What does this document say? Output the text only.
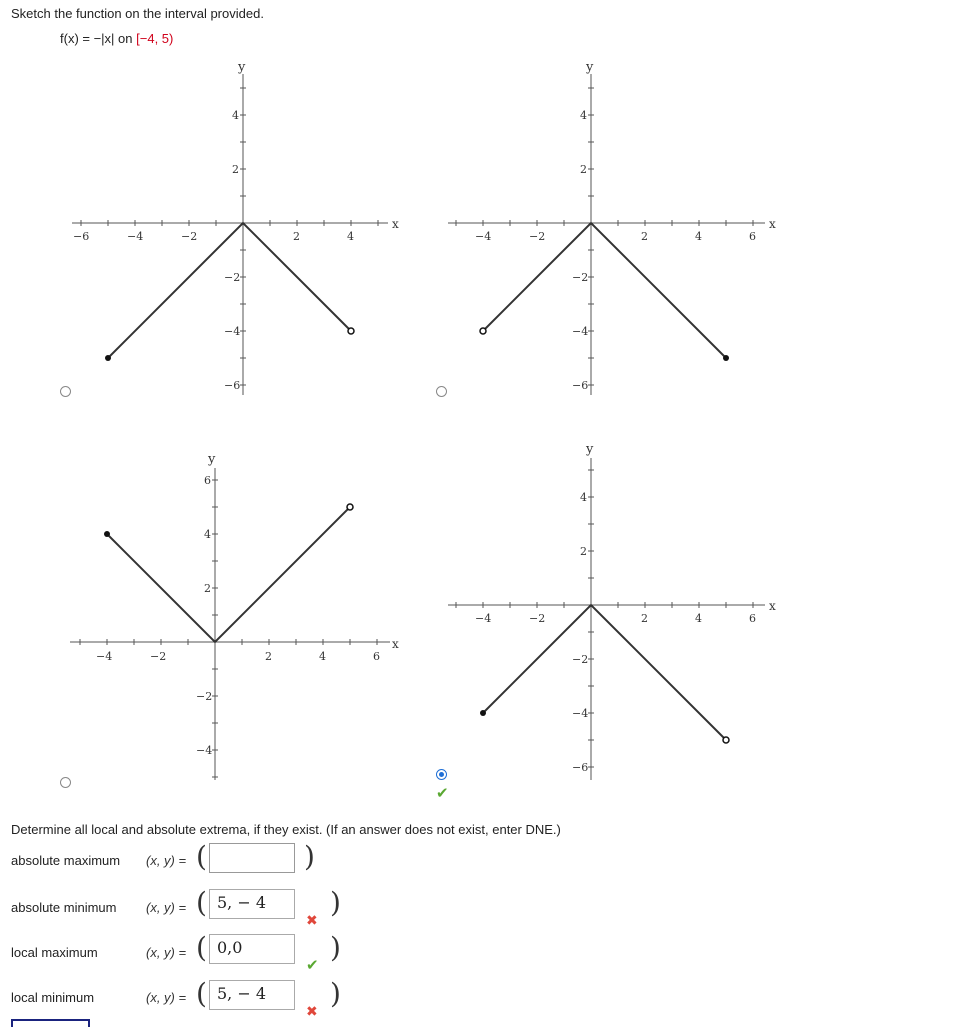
Sketch the function on the interval provided.
f(x) = −|x| on [−4, 5)
y
x
−6	−4	−2	2	4
4
2
−2
−4
−6
y
x
−4	−2	2	4	6
4
2
−2
−4
−6
y
x
−4	−2	2	4	6
6
4
2
−2
−4
y
x
−4	−2	2	4	6
4
2
−2
−4
−6
✔
Determine all local and absolute extrema, if they exist. (If an answer does not exist, enter DNE.)
absolute maximum (x, y) = (	)
absolute minimum (x, y) = ( 5, − 4
✖
)
local maximum	(x, y) = ( 0,0
✔
)
local minimum	(x, y) = ( 5, − 4
✖
)
